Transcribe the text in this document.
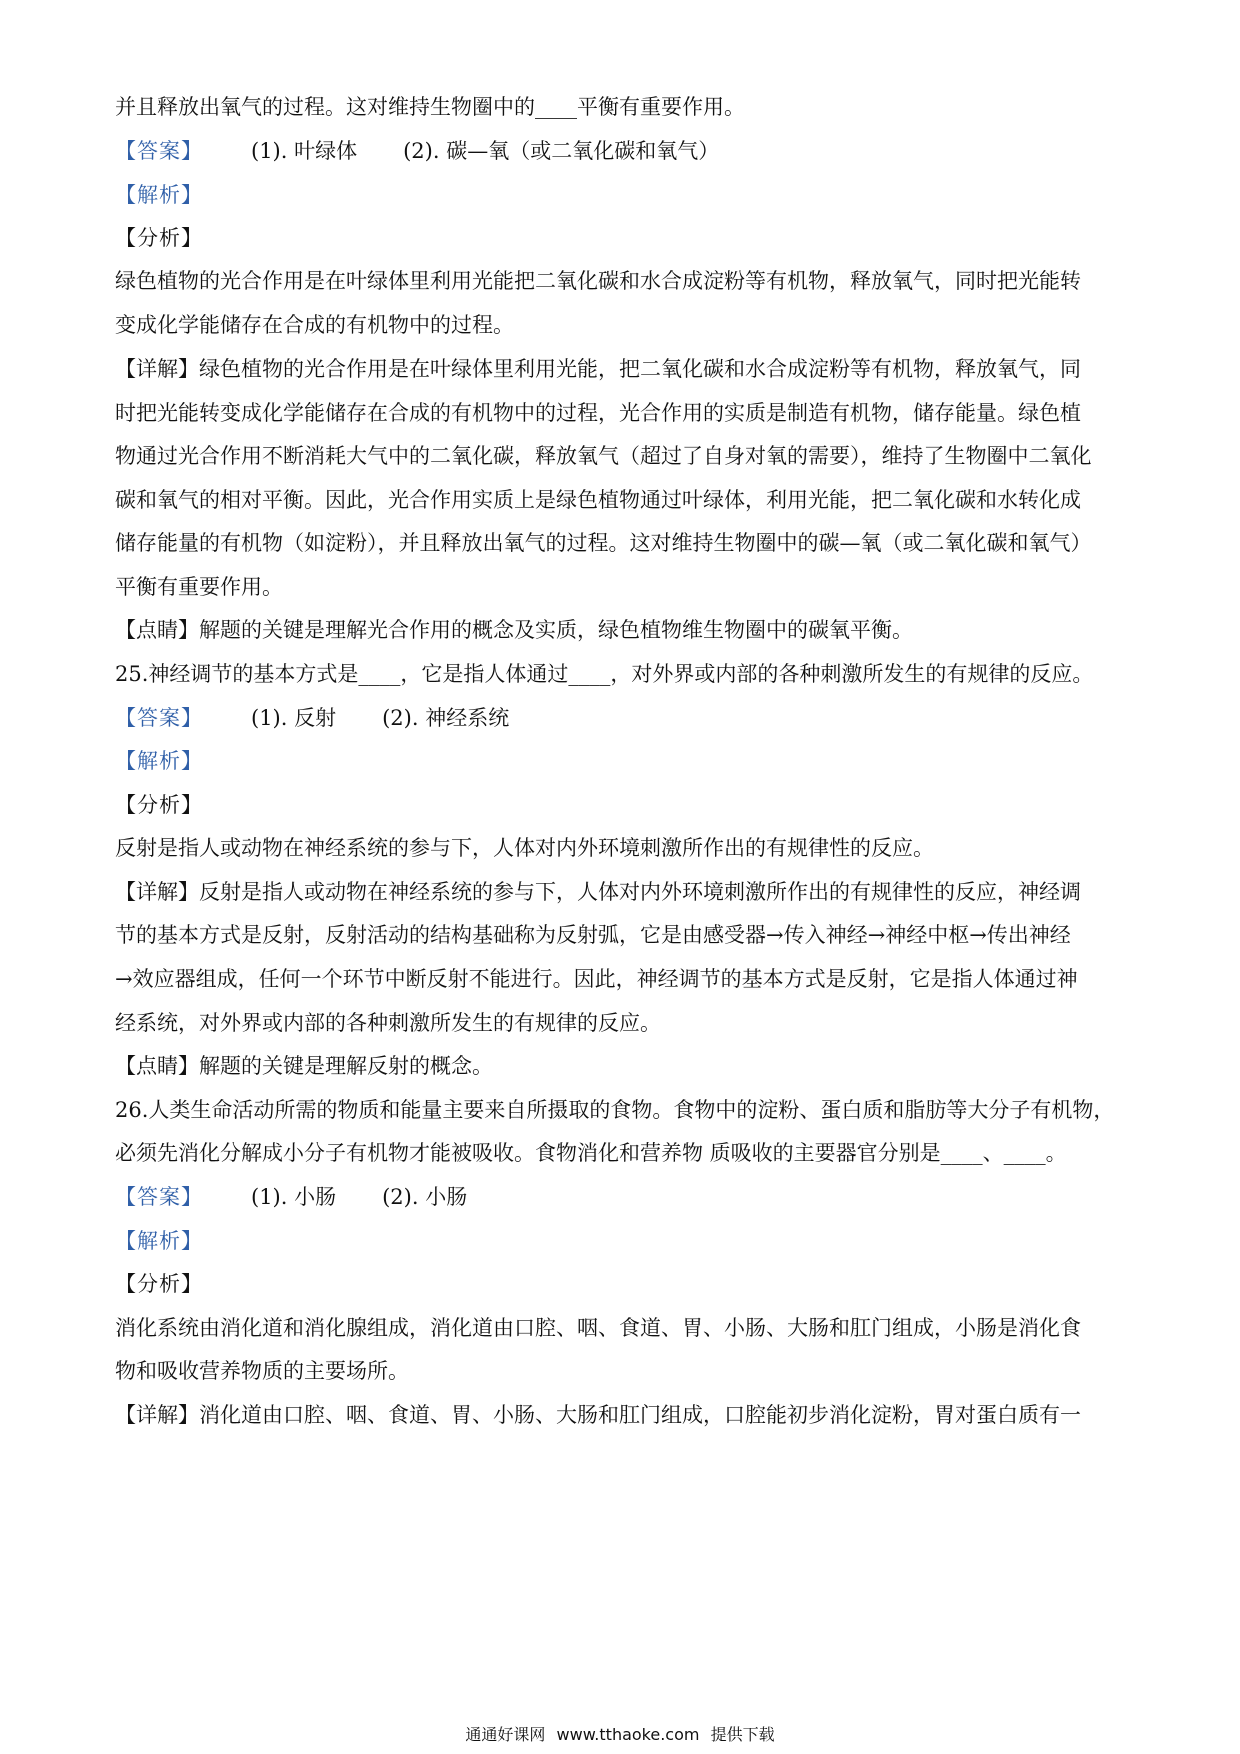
并且释放出氧气的过程。这对维持生物圈中的____平衡有重要作用。
【答案】 (1). 叶绿体 (2). 碳—氧（或二氧化碳和氧气）
【解析】
【分析】
绿色植物的光合作用是在叶绿体里利用光能把二氧化碳和水合成淀粉等有机物，释放氧气，同时把光能转
变成化学能储存在合成的有机物中的过程。
【详解】绿色植物的光合作用是在叶绿体里利用光能，把二氧化碳和水合成淀粉等有机物，释放氧气，同
时把光能转变成化学能储存在合成的有机物中的过程，光合作用的实质是制造有机物，储存能量。绿色植
物通过光合作用不断消耗大气中的二氧化碳，释放氧气（超过了自身对氧的需要），维持了生物圈中二氧化
碳和氧气的相对平衡。因此，光合作用实质上是绿色植物通过叶绿体，利用光能，把二氧化碳和水转化成
储存能量的有机物（如淀粉），并且释放出氧气的过程。这对维持生物圈中的碳—氧（或二氧化碳和氧气）
平衡有重要作用。
【点睛】解题的关键是理解光合作用的概念及实质，绿色植物维生物圈中的碳氧平衡。
25.神经调节的基本方式是____，它是指人体通过____，对外界或内部的各种刺激所发生的有规律的反应。
【答案】 (1). 反射 (2). 神经系统
【解析】
【分析】
反射是指人或动物在神经系统的参与下，人体对内外环境刺激所作出的有规律性的反应。
【详解】反射是指人或动物在神经系统的参与下，人体对内外环境刺激所作出的有规律性的反应，神经调
节的基本方式是反射，反射活动的结构基础称为反射弧，它是由感受器→传入神经→神经中枢→传出神经
→效应器组成，任何一个环节中断反射不能进行。因此，神经调节的基本方式是反射，它是指人体通过神
经系统，对外界或内部的各种刺激所发生的有规律的反应。
【点睛】解题的关键是理解反射的概念。
26.人类生命活动所需的物质和能量主要来自所摄取的食物。食物中的淀粉、蛋白质和脂肪等大分子有机物，
必须先消化分解成小分子有机物才能被吸收。食物消化和营养物 质吸收的主要器官分别是____、____。
【答案】 (1). 小肠 (2). 小肠
【解析】
【分析】
消化系统由消化道和消化腺组成，消化道由口腔、咽、食道、胃、小肠、大肠和肛门组成，小肠是消化食
物和吸收营养物质的主要场所。
【详解】消化道由口腔、咽、食道、胃、小肠、大肠和肛门组成，口腔能初步消化淀粉，胃对蛋白质有一
通通好课网 www.tthaoke.com 提供下载
